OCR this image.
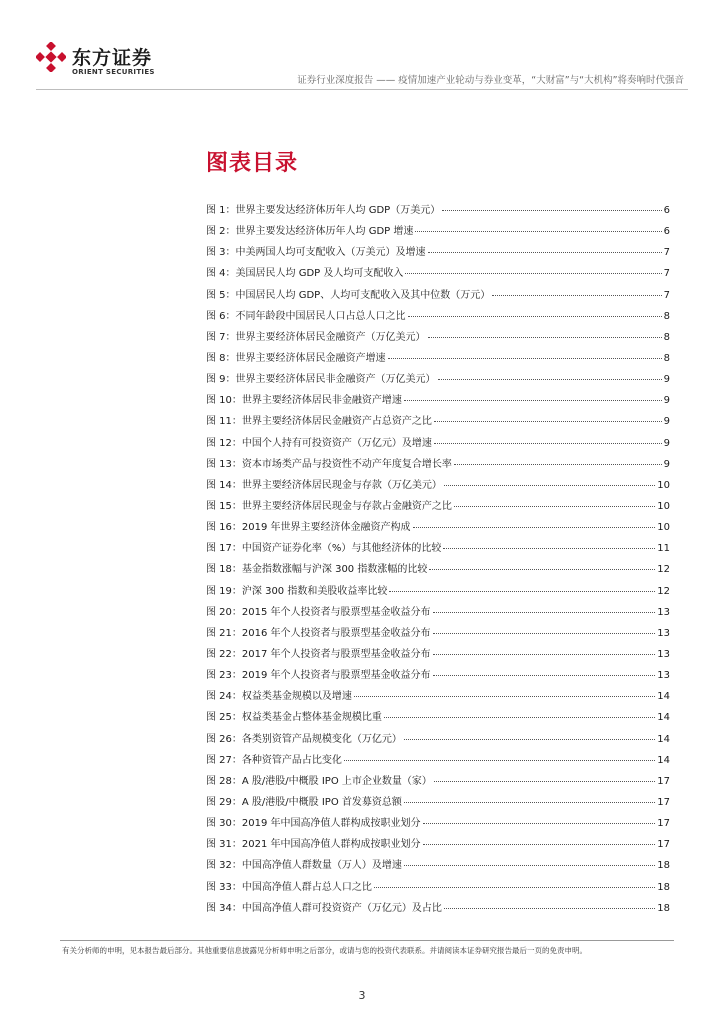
东方证券
ORIENT SECURITIES
证券行业深度报告 —— 疫情加速产业轮动与券业变革，“大财富”与“大机构”将奏响时代强音
图表目录
图 1：世界主要发达经济体历年人均 GDP（万美元）	6
图 2：世界主要发达经济体历年人均 GDP 增速	6
图 3：中美两国人均可支配收入（万美元）及增速	7
图 4：美国居民人均 GDP 及人均可支配收入	7
图 5：中国居民人均 GDP、人均可支配收入及其中位数（万元）	7
图 6：不同年龄段中国居民人口占总人口之比	8
图 7：世界主要经济体居民金融资产（万亿美元）	8
图 8：世界主要经济体居民金融资产增速	8
图 9：世界主要经济体居民非金融资产（万亿美元）	9
图 10：世界主要经济体居民非金融资产增速	9
图 11：世界主要经济体居民金融资产占总资产之比	9
图 12：中国个人持有可投资资产（万亿元）及增速	9
图 13：资本市场类产品与投资性不动产年度复合增长率	9
图 14：世界主要经济体居民现金与存款（万亿美元）	10
图 15：世界主要经济体居民现金与存款占金融资产之比	10
图 16：2019 年世界主要经济体金融资产构成	10
图 17：中国资产证券化率（%）与其他经济体的比较	11
图 18：基金指数涨幅与沪深 300 指数涨幅的比较	12
图 19：沪深 300 指数和美股收益率比较	12
图 20：2015 年个人投资者与股票型基金收益分布	13
图 21：2016 年个人投资者与股票型基金收益分布	13
图 22：2017 年个人投资者与股票型基金收益分布	13
图 23：2019 年个人投资者与股票型基金收益分布	13
图 24：权益类基金规模以及增速	14
图 25：权益类基金占整体基金规模比重	14
图 26：各类别资管产品规模变化（万亿元）	14
图 27：各种资管产品占比变化	14
图 28：A 股/港股/中概股 IPO 上市企业数量（家）	17
图 29：A 股/港股/中概股 IPO 首发募资总额	17
图 30：2019 年中国高净值人群构成按职业划分	17
图 31：2021 年中国高净值人群构成按职业划分	17
图 32：中国高净值人群数量（万人）及增速	18
图 33：中国高净值人群占总人口之比	18
图 34：中国高净值人群可投资资产（万亿元）及占比	18
有关分析师的申明，见本报告最后部分。其他重要信息披露见分析师申明之后部分，或请与您的投资代表联系。并请阅读本证券研究报告最后一页的免责申明。
3
